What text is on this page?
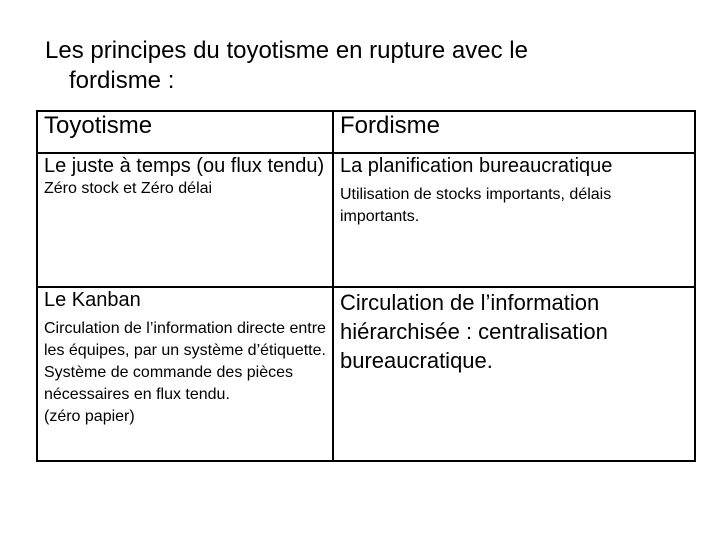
Les principes du toyotisme en rupture avec le
fordisme :
Toyotisme	Fordisme
Le juste à temps (ou flux tendu) Zéro stock et Zéro délai	La planification bureaucratique
Utilisation de stocks importants, délais importants.

Le Kanban
Circulation de l’information directe entre les équipes, par un système d’étiquette. Système de commande des pièces nécessaires en flux tendu.
(zéro papier)	Circulation de l’information hiérarchisée : centralisation bureaucratique.
